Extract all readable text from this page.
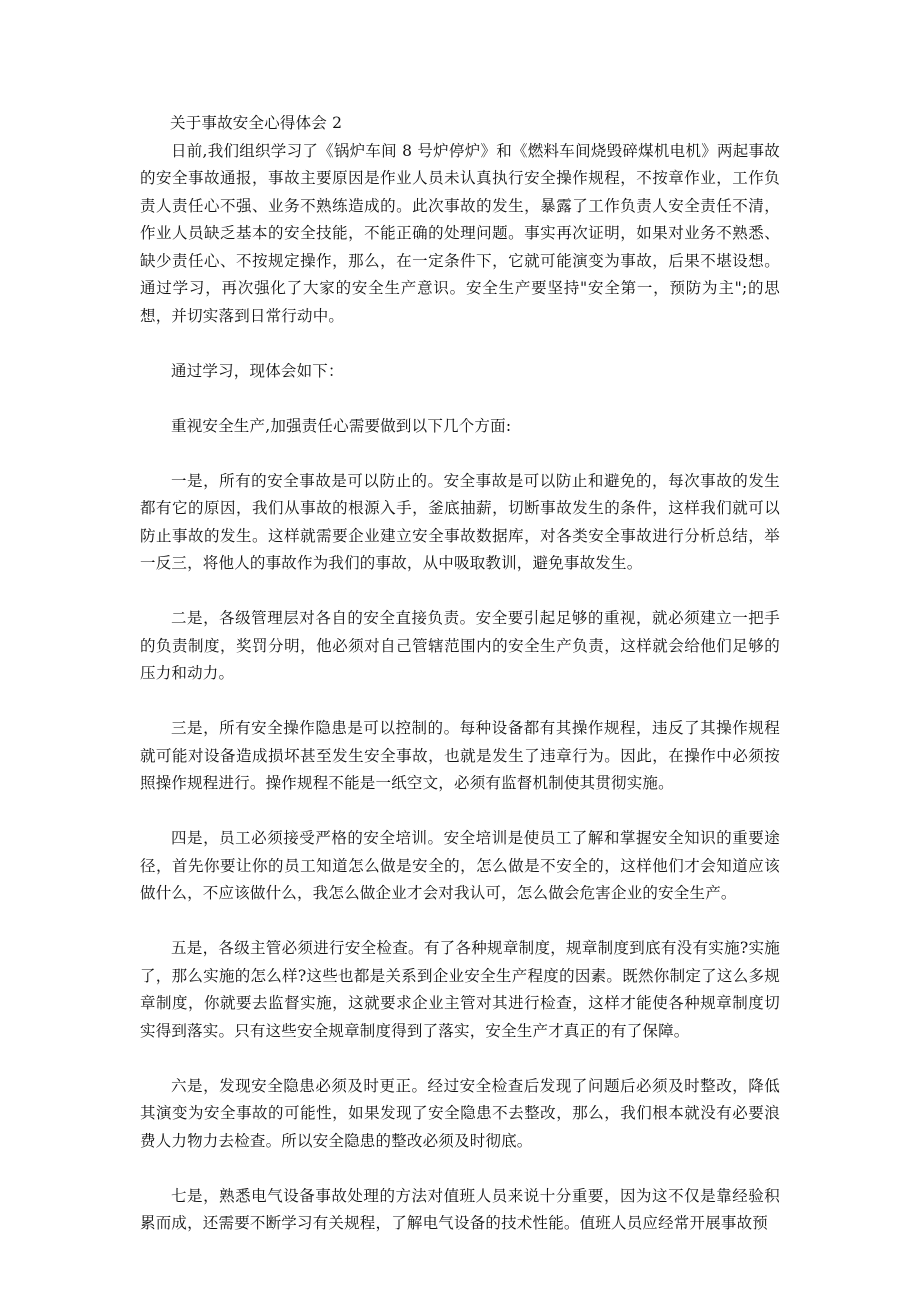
关于事故安全心得体会 2

日前,我们组织学习了《锅炉车间 8 号炉停炉》和《燃料车间烧毁碎煤机电机》两起事故的安全事故通报，事故主要原因是作业人员未认真执行安全操作规程，不按章作业，工作负责人责任心不强、业务不熟练造成的。此次事故的发生，暴露了工作负责人安全责任不清，作业人员缺乏基本的安全技能，不能正确的处理问题。事实再次证明，如果对业务不熟悉、缺少责任心、不按规定操作，那么，在一定条件下，它就可能演变为事故，后果不堪设想。通过学习，再次强化了大家的安全生产意识。安全生产要坚持"安全第一，预防为主";的思想，并切实落到日常行动中。

通过学习，现体会如下：

重视安全生产,加强责任心需要做到以下几个方面:

一是，所有的安全事故是可以防止的。安全事故是可以防止和避免的，每次事故的发生都有它的原因，我们从事故的根源入手，釜底抽薪，切断事故发生的条件，这样我们就可以防止事故的发生。这样就需要企业建立安全事故数据库，对各类安全事故进行分析总结，举一反三，将他人的事故作为我们的事故，从中吸取教训，避免事故发生。

二是，各级管理层对各自的安全直接负责。安全要引起足够的重视，就必须建立一把手的负责制度，奖罚分明，他必须对自己管辖范围内的安全生产负责，这样就会给他们足够的压力和动力。

三是，所有安全操作隐患是可以控制的。每种设备都有其操作规程，违反了其操作规程就可能对设备造成损坏甚至发生安全事故，也就是发生了违章行为。因此，在操作中必须按照操作规程进行。操作规程不能是一纸空文，必须有监督机制使其贯彻实施。

四是，员工必须接受严格的安全培训。安全培训是使员工了解和掌握安全知识的重要途径，首先你要让你的员工知道怎么做是安全的，怎么做是不安全的，这样他们才会知道应该做什么，不应该做什么，我怎么做企业才会对我认可，怎么做会危害企业的安全生产。

五是，各级主管必须进行安全检查。有了各种规章制度，规章制度到底有没有实施?实施了，那么实施的怎么样?这些也都是关系到企业安全生产程度的因素。既然你制定了这么多规章制度，你就要去监督实施，这就要求企业主管对其进行检查，这样才能使各种规章制度切实得到落实。只有这些安全规章制度得到了落实，安全生产才真正的有了保障。

六是，发现安全隐患必须及时更正。经过安全检查后发现了问题后必须及时整改，降低其演变为安全事故的可能性，如果发现了安全隐患不去整改，那么，我们根本就没有必要浪费人力物力去检查。所以安全隐患的整改必须及时彻底。

七是，熟悉电气设备事故处理的方法对值班人员来说十分重要，因为这不仅是靠经验积累而成，还需要不断学习有关规程，了解电气设备的技术性能。值班人员应经常开展事故预
